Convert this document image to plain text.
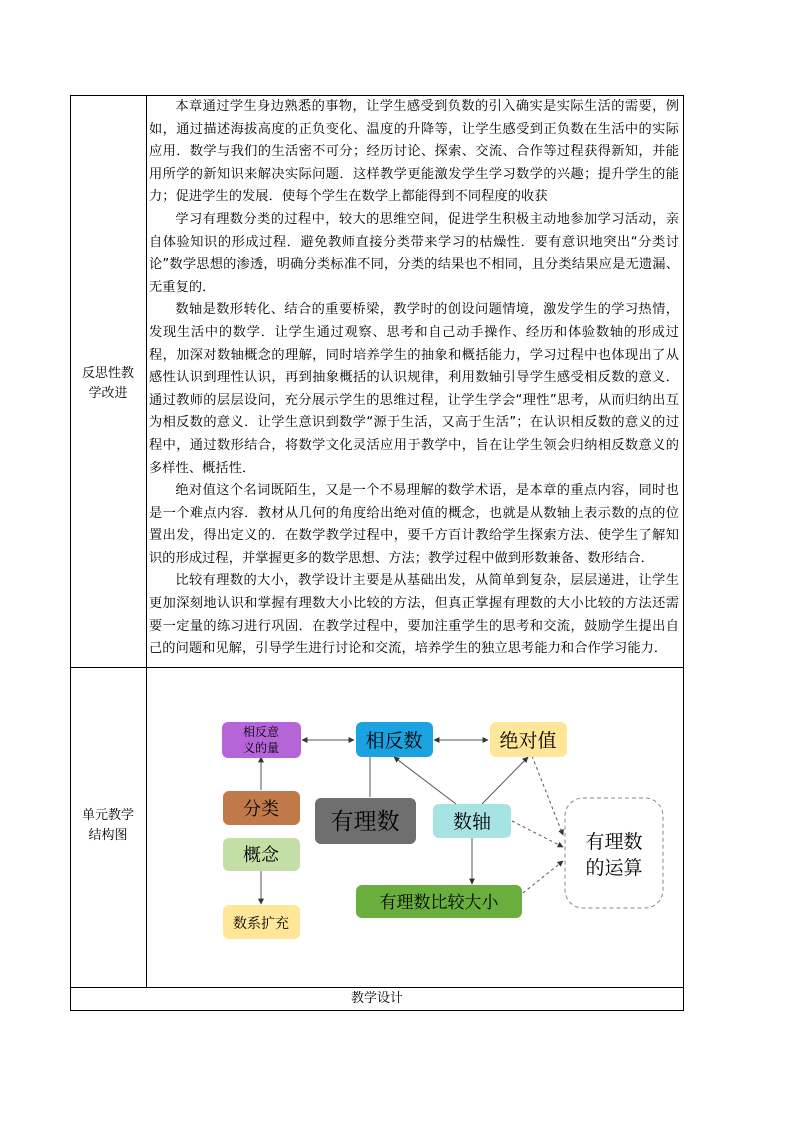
反思性教
学改进

本章通过学生身边熟悉的事物，让学生感受到负数的引入确实是实际生活的需要，例如，通过描述海拔高度的正负变化、温度的升降等，让学生感受到正负数在生活中的实际应用．数学与我们的生活密不可分；经历讨论、探索、交流、合作等过程获得新知，并能用所学的新知识来解决实际问题．这样教学更能激发学生学习数学的兴趣；提升学生的能力；促进学生的发展．使每个学生在数学上都能得到不同程度的收获

学习有理数分类的过程中，较大的思维空间，促进学生积极主动地参加学习活动，亲自体验知识的形成过程．避免教师直接分类带来学习的枯燥性．要有意识地突出“分类讨论”数学思想的渗透，明确分类标准不同，分类的结果也不相同，且分类结果应是无遗漏、无重复的．

数轴是数形转化、结合的重要桥梁，教学时的创设问题情境，激发学生的学习热情，发现生活中的数学．让学生通过观察、思考和自己动手操作、经历和体验数轴的形成过程，加深对数轴概念的理解，同时培养学生的抽象和概括能力，学习过程中也体现出了从感性认识到理性认识，再到抽象概括的认识规律，利用数轴引导学生感受相反数的意义．通过教师的层层设问，充分展示学生的思维过程，让学生学会“理性”思考，从而归纳出互为相反数的意义．让学生意识到数学“源于生活，又高于生活”；在认识相反数的意义的过程中，通过数形结合，将数学文化灵活应用于教学中，旨在让学生领会归纳相反数意义的多样性、概括性．

绝对值这个名词既陌生，又是一个不易理解的数学术语，是本章的重点内容，同时也是一个难点内容．教材从几何的角度给出绝对值的概念，也就是从数轴上表示数的点的位置出发，得出定义的．在数学教学过程中，要千方百计教给学生探索方法、使学生了解知识的形成过程，并掌握更多的数学思想、方法；教学过程中做到形数兼备、数形结合．

比较有理数的大小，教学设计主要是从基础出发，从简单到复杂，层层递进，让学生更加深刻地认识和掌握有理数大小比较的方法，但真正掌握有理数的大小比较的方法还需要一定量的练习进行巩固．在教学过程中，要加注重学生的思考和交流，鼓励学生提出自己的问题和见解，引导学生进行讨论和交流，培养学生的独立思考能力和合作学习能力．

单元教学
结构图
相反意
义的量	相反数	绝对值
分类 有理数	数轴
概念
有理数比较大小
数系扩充
有理数
的运算
教学设计
